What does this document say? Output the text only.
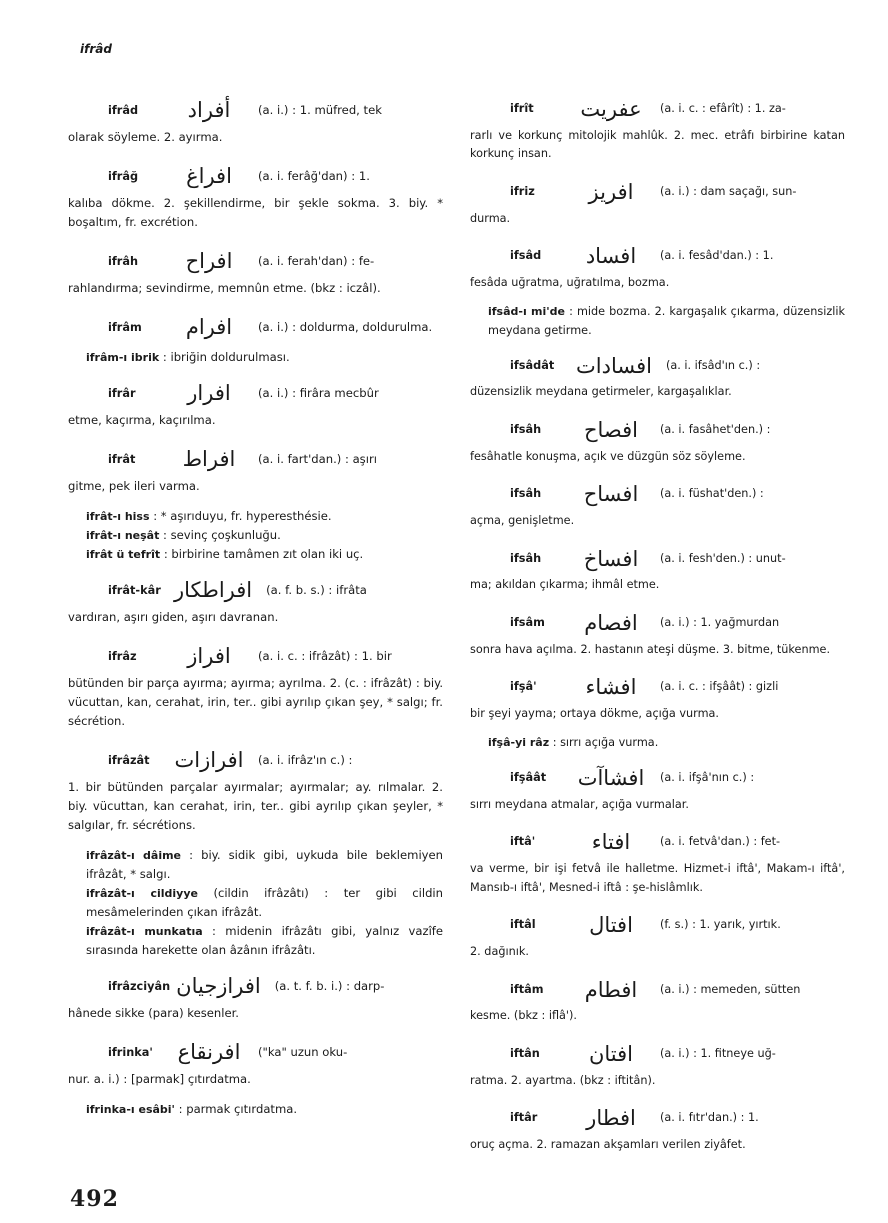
ifrâd
ifrâd	أفراد	(a. i.) : 1. müfred, tek
olarak söyleme. 2. ayırma.
ifrâğ	افراغ	(a. i. ferâğ'dan) : 1.
kalıba dökme. 2. şekillendirme, bir şekle sokma. 3. biy. * boşaltım, fr. excrétion.
ifrâh	افراح	(a. i. ferah'dan) : fe-
rahlandırma; sevindirme, memnûn etme. (bkz : iczâl).
ifrâm	افرام	(a. i.) : doldurma, doldurulma.
ifrâm-ı ibrik : ibriğin doldurulması.
ifrâr	افرار	(a. i.) : firâra mecbûr
etme, kaçırma, kaçırılma.
ifrât	افراط	(a. i. fart'dan.) : aşırı
gitme, pek ileri varma.
ifrât-ı hiss : * aşırıduyu, fr. hyperesthésie.
ifrât-ı neşât : sevinç çoşkunluğu.
ifrât ü tefrît : birbirine tamâmen zıt olan iki uç.
ifrât-kâr افراطكار (a. f. b. s.) : ifrâta
vardıran, aşırı giden, aşırı davranan.
ifrâz	افراز	(a. i. c. : ifrâzât) : 1. bir
bütünden bir parça ayırma; ayırma; ayrılma. 2. (c. : ifrâzât) : biy. vücuttan, kan, cerahat, irin, ter.. gibi ayrılıp çıkan şey, * salgı; fr. sécrétion.
ifrâzât	افرازات (a. i. ifrâz'ın c.) :
1. bir bütünden parçalar ayırmalar; ayırmalar; ay. rılmalar. 2. biy. vücuttan, kan cerahat, irin, ter.. gibi ayrılıp çıkan şeyler, * salgılar, fr. sécrétions.
ifrâzât-ı dâime : biy. sidik gibi, uykuda bile beklemiyen ifrâzât, * salgı.
ifrâzât-ı cildiyye (cildin ifrâzâtı) : ter gibi cildin mesâmelerinden çıkan ifrâzât.
ifrâzât-ı munkatıa : midenin ifrâzâtı gibi, yalnız vazîfe sırasında harekette olan âzânın ifrâzâtı.
ifrâzciyân افرازجيان (a. t. f. b. i.) : darp-
hânede sikke (para) kesenler.
ifrinka'	افرنقاع	("ka" uzun oku-
nur. a. i.) : [parmak] çıtırdatma.
ifrinka-ı esâbi' : parmak çıtırdatma.
ifrît	عفريت	(a. i. c. : efârît) : 1. za-
rarlı ve korkunç mitolojik mahlûk. 2. mec. etrâfı birbirine katan korkunç insan.
ifriz	افريز	(a. i.) : dam saçağı, sun-
durma.
ifsâd	افساد	(a. i. fesâd'dan.) : 1.
fesâda uğratma, uğratılma, bozma.
ifsâd-ı mi'de : mide bozma. 2. kargaşalık çıkarma, düzensizlik meydana getirme.
ifsâdât	افسادات (a. i. ifsâd'ın c.) :
düzensizlik meydana getirmeler, kargaşalıklar.
ifsâh	افصاح	(a. i. fasâhet'den.) :
fesâhatle konuşma, açık ve düzgün söz söyleme.
ifsâh	افساح	(a. i. füshat'den.) :
açma, genişletme.
ifsâh	افساخ	(a. i. fesh'den.) : unut-
ma; akıldan çıkarma; ihmâl etme.
ifsâm	افصام	(a. i.) : 1. yağmurdan
sonra hava açılma. 2. hastanın ateşi düşme. 3. bitme, tükenme.
ifşâ'	افشاء	(a. i. c. : ifşâât) : gizli
bir şeyi yayma; ortaya dökme, açığa vurma.
ifşâ-yi râz : sırrı açığa vurma.
ifşâât	افشاآت (a. i. ifşâ'nın c.) :
sırrı meydana atmalar, açığa vurmalar.
iftâ'	افتاء	(a. i. fetvâ'dan.) : fet-
va verme, bir işi fetvâ ile halletme. Hizmet-i iftâ', Makam-ı iftâ', Mansıb-ı iftâ', Mesned-i iftâ : şe-hislâmlık.
iftâl	افتال	(f. s.) : 1. yarık, yırtık.
2. dağınık.
iftâm	افطام	(a. i.) : memeden, sütten
kesme. (bkz : iflâ').
iftân	افتان	(a. i.) : 1. fitneye uğ-
ratma. 2. ayartma. (bkz : iftitân).
iftâr	افطار	(a. i. fıtr'dan.) : 1.
oruç açma. 2. ramazan akşamları verilen ziyâfet.
492
